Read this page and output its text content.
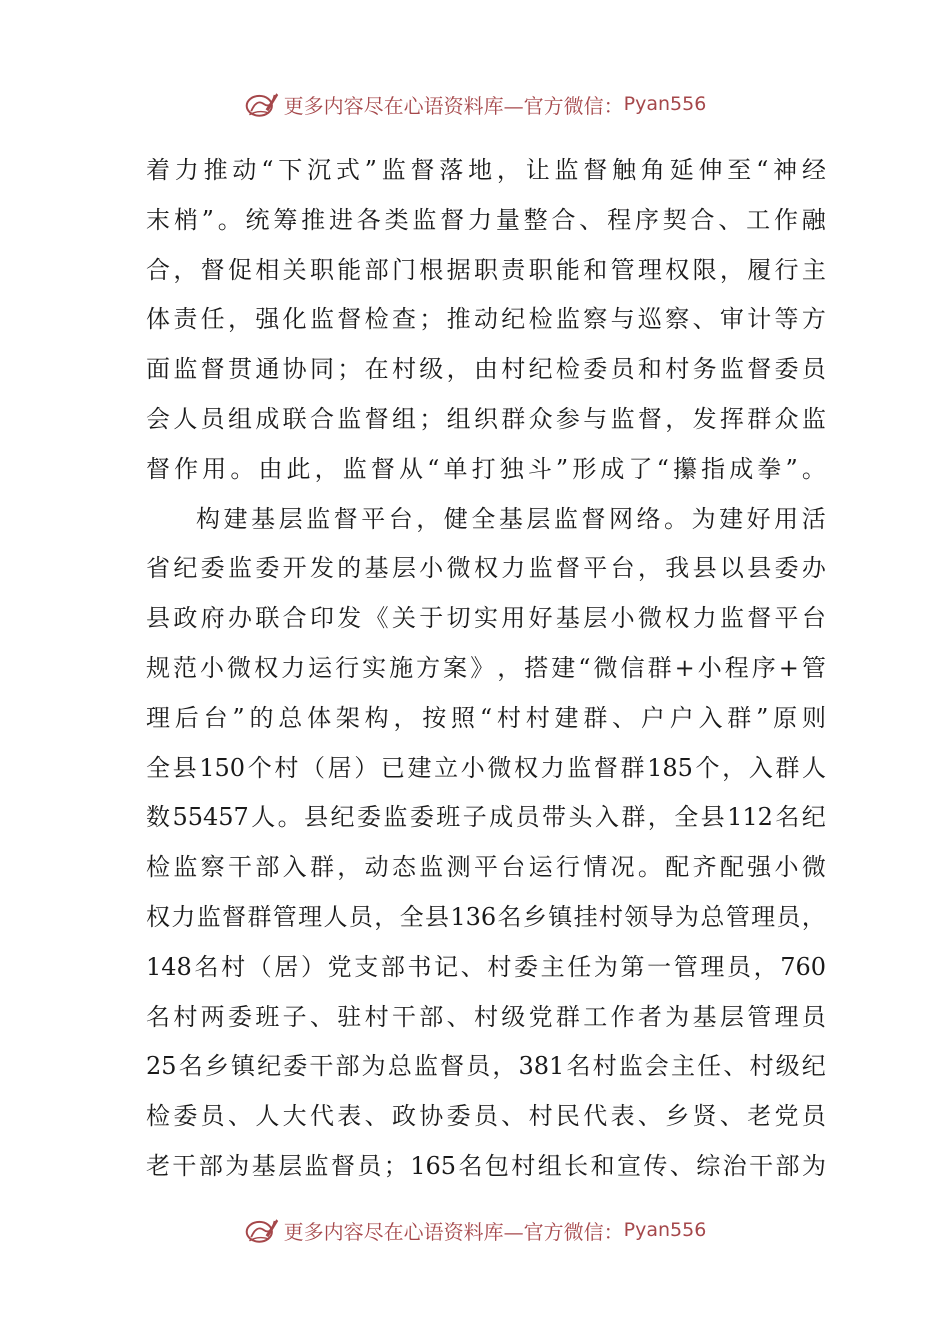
更多内容尽在心语资料库—官方微信： Pyan556
着 力 推 动 “ 下 沉 式 ” 监 督 落 地 ， 让 监 督 触 角 延 伸 至 “ 神 经
末 梢 ” 。 统 筹 推 进 各 类 监 督 力 量 整 合 、 程 序 契 合 、 工 作 融
合 ， 督 促 相 关 职 能 部 门 根 据 职 责 职 能 和 管 理 权 限 ， 履 行 主
体 责 任 ， 强 化 监 督 检 查 ； 推 动 纪 检 监 察 与 巡 察 、 审 计 等 方
面 监 督 贯 通 协 同 ； 在 村 级 ， 由 村 纪 检 委 员 和 村 务 监 督 委 员
会 人 员 组 成 联 合 监 督 组 ； 组 织 群 众 参 与 监 督 ， 发 挥 群 众 监
督 作 用 。 由 此 ， 监 督 从 “ 单 打 独 斗 ” 形 成 了 “ 攥 指 成 拳 ” 。
构 建 基 层 监 督 平 台 ， 健 全 基 层 监 督 网 络 。 为 建 好 用 活
省 纪 委 监 委 开 发 的 基 层 小 微 权 力 监 督 平 台 ， 我 县 以 县 委 办
县 政 府 办 联 合 印 发 《 关 于 切 实 用 好 基 层 小 微 权 力 监 督 平 台
规 范 小 微 权 力 运 行 实 施 方 案 》 ， 搭 建 “ 微 信 群 + 小 程 序 + 管
理 后 台 ” 的 总 体 架 构 ， 按 照 “ 村 村 建 群 、 户 户 入 群 ” 原 则
全 县 150 个 村 （ 居 ） 已 建 立 小 微 权 力 监 督 群 185 个 ， 入 群 人
数 55457 人 。 县 纪 委 监 委 班 子 成 员 带 头 入 群 ， 全 县 112 名 纪
检 监 察 干 部 入 群 ， 动 态 监 测 平 台 运 行 情 况 。 配 齐 配 强 小 微
权 力 监 督 群 管 理 人 员 ， 全 县 136 名 乡 镇 挂 村 领 导 为 总 管 理 员 ，
148 名 村 （ 居 ） 党 支 部 书 记 、 村 委 主 任 为 第 一 管 理 员 ， 760
名 村 两 委 班 子 、 驻 村 干 部 、 村 级 党 群 工 作 者 为 基 层 管 理 员
25 名 乡 镇 纪 委 干 部 为 总 监 督 员 ， 381 名 村 监 会 主 任 、 村 级 纪
检 委 员 、 人 大 代 表 、 政 协 委 员 、 村 民 代 表 、 乡 贤 、 老 党 员
老 干 部 为 基 层 监 督 员 ； 165 名 包 村 组 长 和 宣 传 、 综 治 干 部 为
更多内容尽在心语资料库—官方微信： Pyan556
